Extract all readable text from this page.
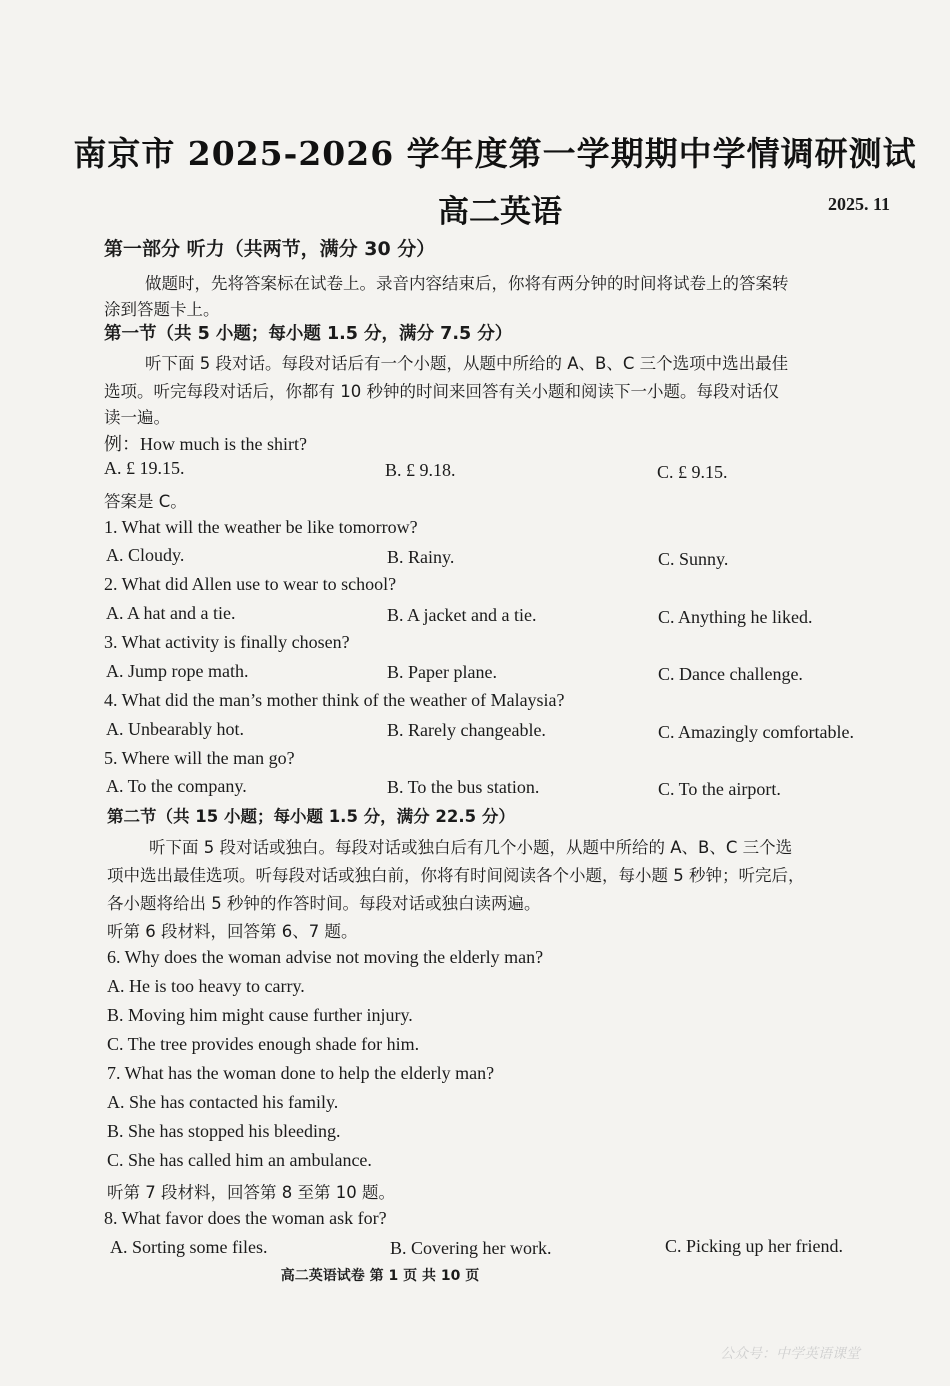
南京市 2025-2026 学年度第一学期期中学情调研测试
高二英语	2025. 11
第一部分 听力（共两节，满分 30 分）
做题时，先将答案标在试卷上。录音内容结束后，你将有两分钟的时间将试卷上的答案转
涂到答题卡上。
第一节（共 5 小题；每小题 1.5 分，满分 7.5 分）
听下面 5 段对话。每段对话后有一个小题，从题中所给的 A、B、C 三个选项中选出最佳
选项。听完每段对话后，你都有 10 秒钟的时间来回答有关小题和阅读下一小题。每段对话仅
读一遍。
例：How much is the shirt?
A. £ 19.15.	B. £ 9.18.	C. £ 9.15.
答案是 C。
1. What will the weather be like tomorrow?
A. Cloudy.	B. Rainy.	C. Sunny.
2. What did Allen use to wear to school?
A. A hat and a tie.	B. A jacket and a tie.	C. Anything he liked.
3. What activity is finally chosen?
A. Jump rope math.	B. Paper plane.	C. Dance challenge.
4. What did the man’s mother think of the weather of Malaysia?
A. Unbearably hot.	B. Rarely changeable.	C. Amazingly comfortable.
5. Where will the man go?
A. To the company.	B. To the bus station.	C. To the airport.
第二节（共 15 小题；每小题 1.5 分，满分 22.5 分）
听下面 5 段对话或独白。每段对话或独白后有几个小题，从题中所给的 A、B、C 三个选
项中选出最佳选项。听每段对话或独白前，你将有时间阅读各个小题，每小题 5 秒钟；听完后，
各小题将给出 5 秒钟的作答时间。每段对话或独白读两遍。
听第 6 段材料，回答第 6、7 题。
6. Why does the woman advise not moving the elderly man?
A. He is too heavy to carry.
B. Moving him might cause further injury.
C. The tree provides enough shade for him.
7. What has the woman done to help the elderly man?
A. She has contacted his family.
B. She has stopped his bleeding.
C. She has called him an ambulance.
听第 7 段材料，回答第 8 至第 10 题。
8. What favor does the woman ask for?
A. Sorting some files.	B. Covering her work.	C. Picking up her friend.
高二英语试卷 第 1 页 共 10 页
公众号：中学英语课堂
